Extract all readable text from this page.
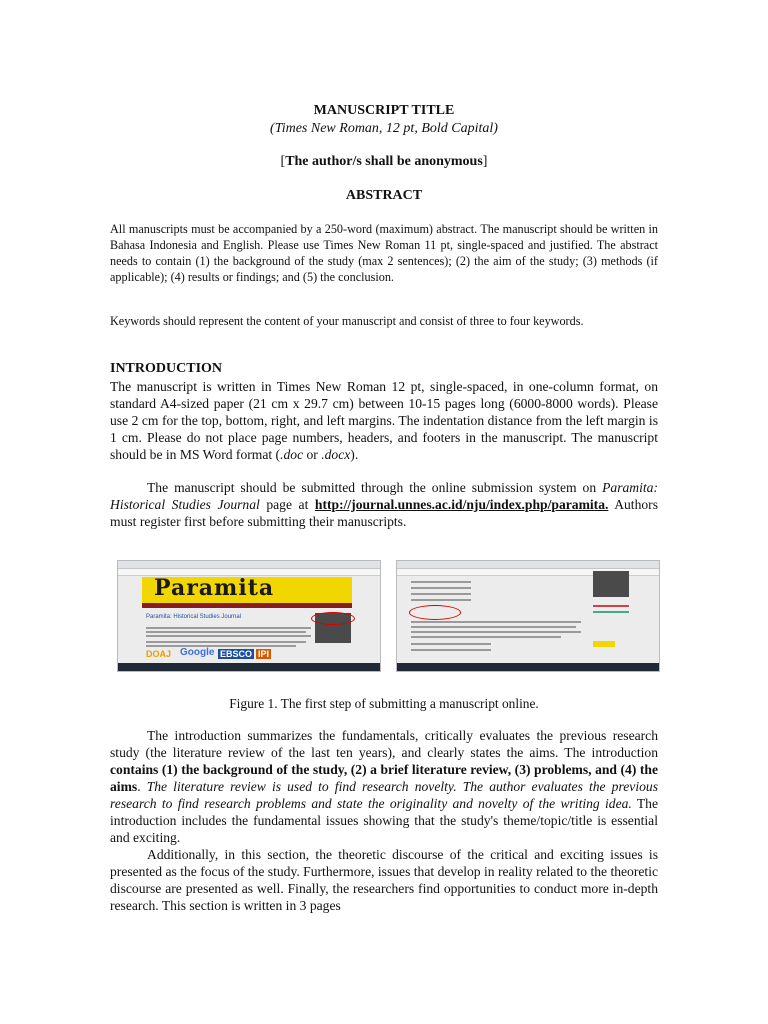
MANUSCRIPT TITLE
(Times New Roman, 12 pt, Bold Capital)
[The author/s shall be anonymous]
ABSTRACT
All manuscripts must be accompanied by a 250-word (maximum) abstract. The manuscript should be written in Bahasa Indonesia and English. Please use Times New Roman 11 pt, single-spaced and justified. The abstract needs to contain (1) the background of the study (max 2 sentences); (2) the aim of the study; (3) methods (if applicable); (4) results or findings; and (5) the conclusion.
Keywords should represent the content of your manuscript and consist of three to four keywords.
INTRODUCTION
The manuscript is written in Times New Roman 12 pt, single-spaced, in one-column format, on standard A4-sized paper (21 cm x 29.7 cm) between 10-15 pages long (6000-8000 words). Please use 2 cm for the top, bottom, right, and left margins. The indentation distance from the left margin is 1 cm. Please do not place page numbers, headers, and footers in the manuscript. The manuscript should be in MS Word format (.doc or .docx).
The manuscript should be submitted through the online submission system on Paramita: Historical Studies Journal page at http://journal.unnes.ac.id/nju/index.php/paramita. Authors must register first before submitting their manuscripts.
Paramita
Paramita: Historical Studies Journal
DOAJ Google EBSCO IPI
Figure 1. The first step of submitting a manuscript online.
The introduction summarizes the fundamentals, critically evaluates the previous research study (the literature review of the last ten years), and clearly states the aims. The introduction contains (1) the background of the study, (2) a brief literature review, (3) problems, and (4) the aims. The literature review is used to find research novelty. The author evaluates the previous research to find research problems and state the originality and novelty of the writing idea. The introduction includes the fundamental issues showing that the study's theme/topic/title is essential and exciting.
Additionally, in this section, the theoretic discourse of the critical and exciting issues is presented as the focus of the study. Furthermore, issues that develop in reality related to the theoretic discourse are presented as well. Finally, the researchers find opportunities to conduct more in-depth research. This section is written in 3 pages
